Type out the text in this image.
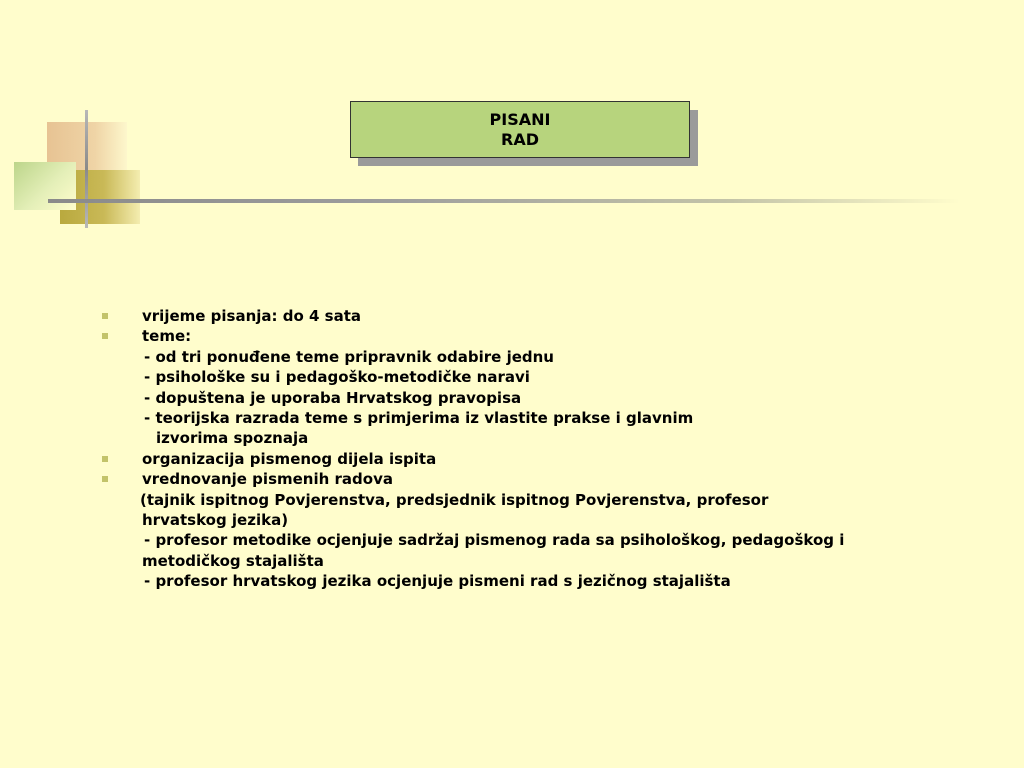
PISANI
RAD
vrijeme pisanja: do 4 sata
teme:
- od tri ponuđene teme pripravnik odabire jednu
- psihološke su i pedagoško-metodičke naravi
- dopuštena je uporaba Hrvatskog pravopisa
- teorijska razrada teme s primjerima iz vlastite prakse i glavnim
izvorima spoznaja
organizacija pismenog dijela ispita
vrednovanje pismenih radova
(tajnik ispitnog Povjerenstva, predsjednik ispitnog Povjerenstva, profesor
hrvatskog jezika)
- profesor metodike ocjenjuje sadržaj pismenog rada sa psihološkog, pedagoškog i
metodičkog stajališta
- profesor hrvatskog jezika ocjenjuje pismeni rad s jezičnog stajališta
